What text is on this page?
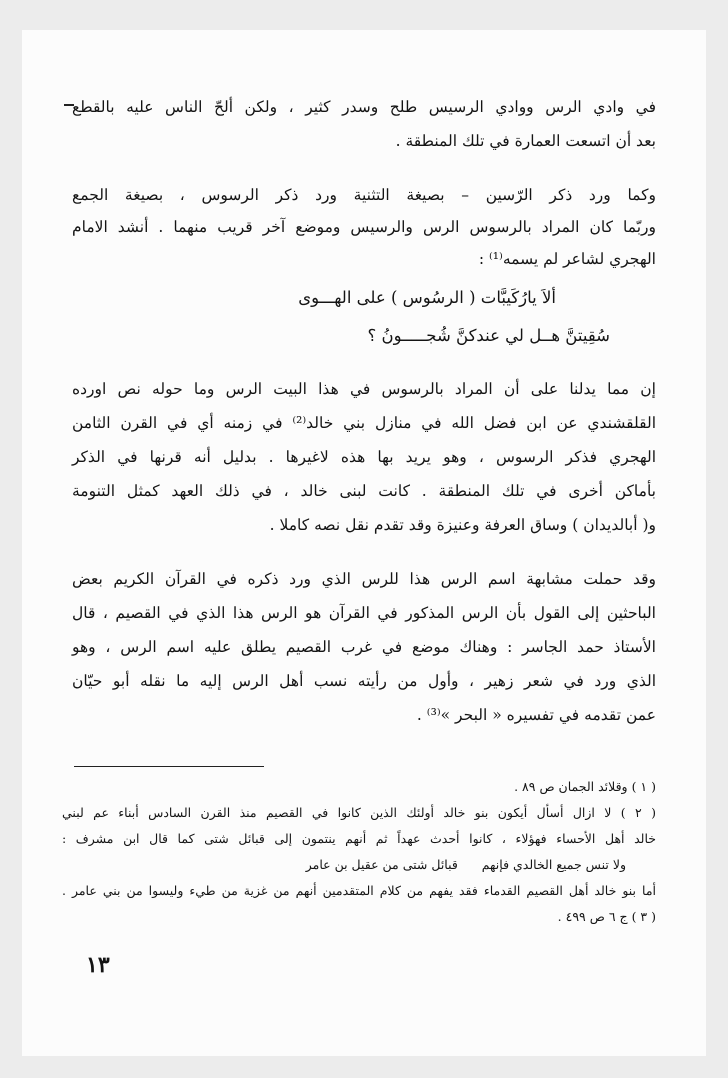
في وادي الرس ووادي الرسيس طلح وسدر كثير ، ولكن ألحّ الناس عليه بالقطع
بعد أن اتسعت العمارة في تلك المنطقة .
وكما ورد ذكر الرّسين – بصيغة التثنية ورد ذكر الرسوس ، بصيغة الجمع
وربّما كان المراد بالرسوس الرس والرسيس وموضع آخر قريب منهما . أنشد الامام
الهجري لشاعر لم يسمه⁽¹⁾ :
ألاَ يارُكَيبَّات ( الرسُوس ) على الهـــوى
سُقِيتنَّ هــل لي عندكنَّ شُجـــــونُ ؟
إن مما يدلنا على أن المراد بالرسوس في هذا البيت الرس وما حوله نص اورده
القلقشندي عن ابن فضل الله في منازل بني خالد⁽²⁾ في زمنه أي في القرن الثامن
الهجري فذكر الرسوس ، وهو يريد بها هذه لاغيرها . بدليل أنه قرنها في الذكر
بأماكن أخرى في تلك المنطقة . كانت لبنى خالد ، في ذلك العهد كمثل التنومة
و( أبالديدان ) وساق العرفة وعنيزة وقد تقدم نقل نصه كاملا .
وقد حملت مشابهة اسم الرس هذا للرس الذي ورد ذكره في القرآن الكريم بعض
الباحثين إلى القول بأن الرس المذكور في القرآن هو الرس هذا الذي في القصيم ، قال
الأستاذ حمد الجاسر : وهناك موضع في غرب القصيم يطلق عليه اسم الرس ، وهو
الذي ورد في شعر زهير ، وأول من رأيته نسب أهل الرس إليه ما نقله أبو حيّان
عمن تقدمه في تفسيره « البحر »⁽³⁾ .
( ١ ) وقلائد الجمان ص ٨٩ .
( ٢ ) لا ازال أسأل أيكون بنو خالد أولئك الذين كانوا في القصيم منذ القرن السادس أبناء عم لبني
خالد أهل الأحساء فهؤلاء ، كانوا أحدث عهداً ثم أنهم ينتمون إلى قبائل شتى كما قال ابن مشرف :
ولا تنس جميع الخالدي فإنهم      قبائل شتى من عقيل بن عامر
أما بنو خالد أهل القصيم القدماء فقد يفهم من كلام المتقدمين أنهم من غزية من طيء وليسوا من بني عامر .
( ٣ ) ج ٦ ص ٤٩٩ .
١٣
